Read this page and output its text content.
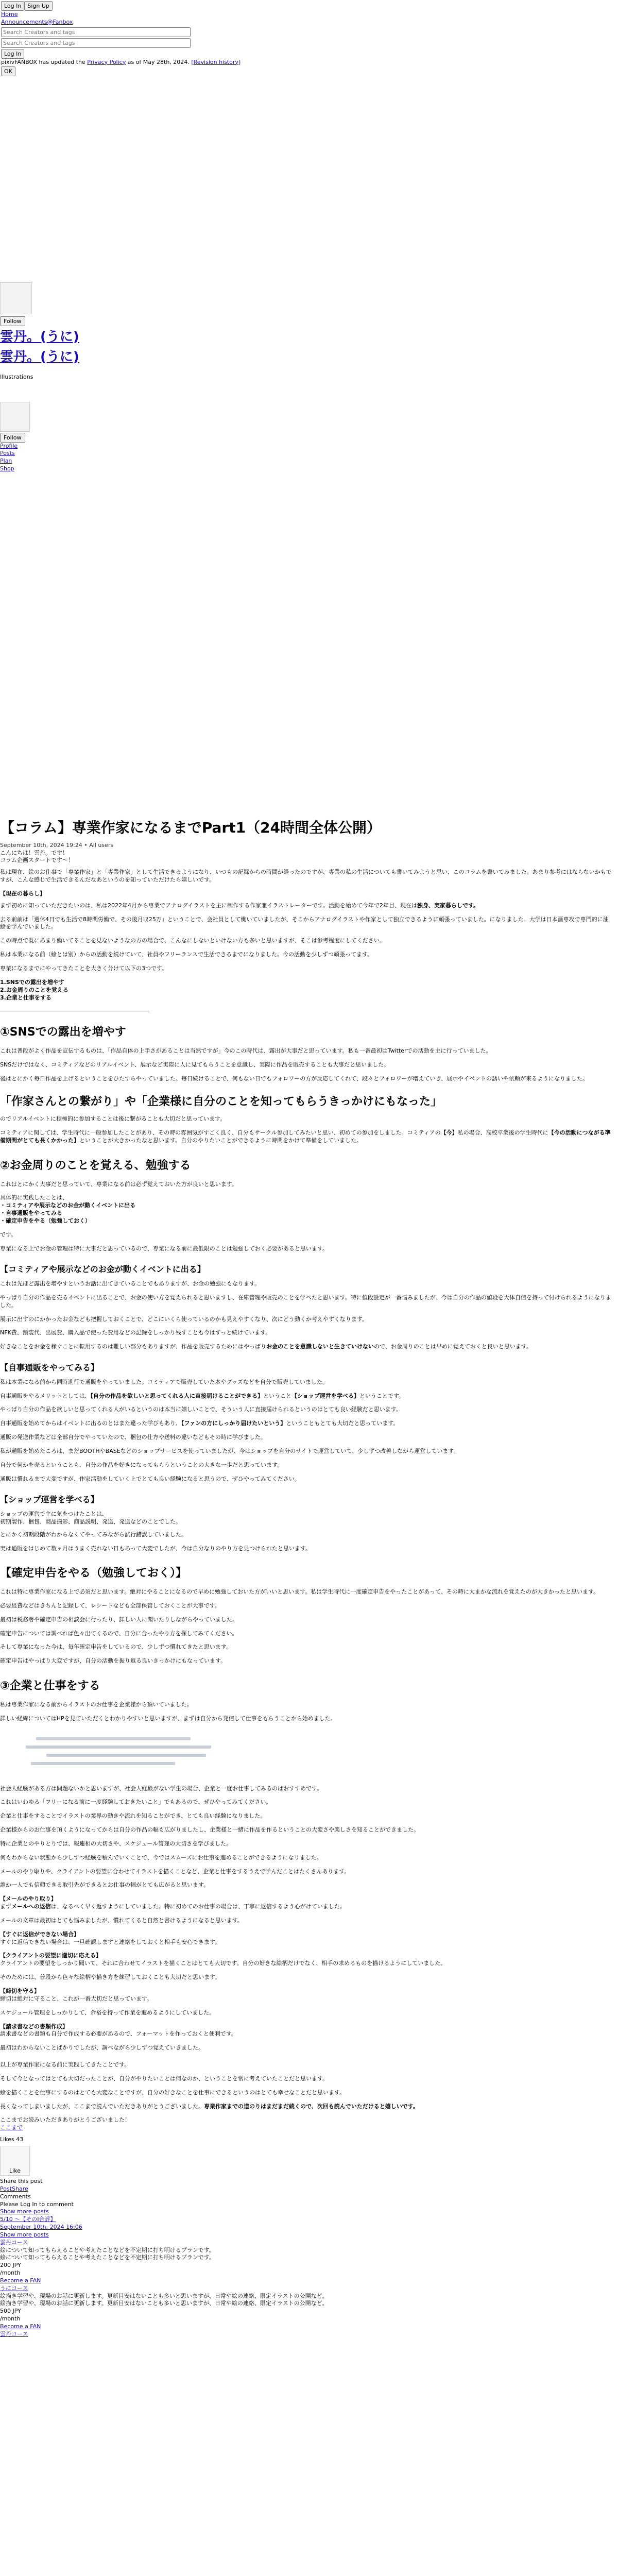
Log In Sign Up
Home
Announcements@Fanbox
Search Creators and tags
Search Creators and tags Log In
pixivFANBOX has updated the Privacy Policy as of May 28th, 2024. [Revision history]
OK
Follow
雲丹。(うに)
雲丹。(うに)
Illustrations
Follow
Profile
Posts
Plan
Shop
【コラム】専業作家になるまでPart1（24時間全体公開）
September 10th, 2024 19:24 • All users
こんにちは！雲丹。です！
コラム企画スタートです～！

私は現在、絵のお仕事で「専業作家」と「専業作家」として生活できるようになり、いつもの記録からの時間が経ったのですが、専業の私の生活についても書いてみようと思い、このコラムを書いてみました。あまり参考にはならないかもですが、こんな感じで生活できるんだなあというのを知っていただけたら嬉しいです。

【現在の暮らし】

まず初めに知っていただきたいのは、私は2022年4月から専業でアナログイラストを主に制作する作家兼イラストレーターです。活動を始めて今年で2年目、現在は独身、実家暮らしです。

去る前前は「週休4日でも生活で8時間労働で、その後月収25万」ということで、会社員として働いていましたが、そこからアナログイラストや作家として独立できるように頑張っていました。になりました。大学は日本画専攻で専門的に油絵を学んでいました。

この時点で既にあまり働いてることを見ないようなの方の場合で、こんなにしないといけない方も多いと思いますが、そこは参考程度にしてください。

私は本業になる前（絵とは別）からの活動を続けていて、社員やフリーランスで生活できるまでになりました。今の活動を少しずつ頑張ってます。

専業になるまでにやってきたことを大きく分けて以下の3つです。

1.SNSでの露出を増やす
2.お金周りのことを覚える
3.企業と仕事をする
①SNSでの露出を増やす

これは普段がよく作品を宣伝するものは、「作品自体の上手さがあることは当然ですが」今のこの時代は、露出が大事だと思っています。私も一番最初はTwitterでの活動を主に行っていました。

SNSだけではなく、コミティアなどのリアルイベント、展示など実際に人に見てもらうことを意識し、実際に作品を販売することも大事だと思いました。

後はとにかく毎日作品を上げるということをひたすらやっていました。毎日続けることで、何もない日でもフォロワーの方が反応してくれて、段々とフォロワーが増えていき、展示やイベントの誘いや依頼が来るようになりました。

「作家さんとの繋がり」や「企業様に自分のことを知ってもらうきっかけにもなった」

のでリアルイベントに積極的に参加することは後に繋がることも大切だと思っています。

コミティアに関しては、学生時代に一般参加したことがあり、その時の雰囲気がすごく良く、自分もサークル参加してみたいと思い、初めての参加をしました。コミティアの【今】私の場合、高校卒業後の学生時代に【今の活動につながる準備期間がとても長くかかった】ということが大きかったなと思います。自分のやりたいことができるように時間をかけて準備をしていました。

②お金周りのことを覚える、勉強する

これはとにかく大事だと思っていて、専業になる前は必ず覚えておいた方が良いと思います。

具体的に実践したことは、
・コミティアや展示などのお金が動くイベントに出る
・自事通販をやってみる
・確定申告をやる（勉強しておく）

です。

専業になる上でお金の管理は特に大事だと思っているので、専業になる前に最低限のことは勉強しておく必要があると思います。

【コミティアや展示などのお金が動くイベントに出る】

これは先ほど露出を増やすというお話に出てきていることでもありますが、お金の勉強にもなります。

やっぱり自分の作品を売るイベントに出ることで、お金の使い方を覚えられると思いますし、在庫管理や販売のことを学べたと思います。特に値段設定が一番悩みましたが、今は自分の作品の値段を大体自信を持って付けられるようになりました。

展示に出すのにかかったお金なども把握しておくことで、どこにいくら使っているのかも見えやすくなり、次にどう動くか考えやすくなります。

NFK費、額装代、出展費、購入品で使った費用などの記録をしっかり残すことも今はずっと続けています。

好きなことをお金を稼ぐことに転用するのは難しい部分もありますが、作品を販売するためにはやっぱりお金のことを意識しないと生きていけないので、お金周りのことは早めに覚えておくと良いと思います。

【自事通販をやってみる】

私は本業になる前から同時進行で通販をやっていました。コミティアで販売していた本やグッズなどを自分で販売していました。

自事通販をやるメリットとしては、【自分の作品を欲しいと思ってくれる人に直接届けることができる】ということ【ショップ運営を学べる】ということです。

やっぱり自分の作品を欲しいと思ってくれる人がいるというのは本当に嬉しいことで、そういう人に直接届けられるというのはとても良い経験だと思います。

自事通販を始めてからはイベントに出るのとはまた違った学びもあり、【ファンの方にしっかり届けたいという】ということもとても大切だと思っています。

通販の発送作業などは全部自分でやっていたので、梱包の仕方や送料の違いなどもその時に学びました。

私が通販を始めたころは、まだBOOTHやBASEなどのショップサービスを使っていましたが、今はショップを自分のサイトで運営していて、少しずつ改善しながら運営しています。

自分で何かを売るということも、自分の作品を好きになってもらうということの大きな一歩だと思っています。

通販は慣れるまで大変ですが、作家活動をしていく上でとても良い経験になると思うので、ぜひやってみてください。

【ショップ運営を学べる】
ショップの運営で主に気をつけたことは、
初期製作、梱包、商品撮影、商品説明、発送、発送などのことでした。

とにかく初期段階がわからなくてやってみながら試行錯誤していました。

実は通販をはじめて数ヶ月はうまく売れない日もあって大変でしたが、今は自分なりのやり方を見つけられたと思います。

【確定申告をやる（勉強しておく）】

これは特に専業作家になる上で必須だと思います。絶対にやることになるので早めに勉強しておいた方がいいと思います。私は学生時代に一度確定申告をやったことがあって、その時に大まかな流れを覚えたのが大きかったと思います。

必要経費などはきちんと記録して、レシートなども全部保管しておくことが大事です。

最初は税務署や確定申告の相談会に行ったり、詳しい人に聞いたりしながらやっていました。

確定申告については調べれば色々出てくるので、自分に合ったやり方を探してみてください。

そして専業になった今は、毎年確定申告をしているので、少しずつ慣れてきたと思います。

確定申告はやっぱり大変ですが、自分の活動を振り返る良いきっかけにもなっています。

③企業と仕事をする

私は専業作家になる前からイラストのお仕事を企業様から頂いていました。

詳しい経緯についてはHPを見ていただくとわかりやすいと思いますが、まずは自分から発信して仕事をもらうことから始めました。

社会人経験がある方は問題ないかと思いますが、社会人経験がない学生の場合、企業と一度お仕事してみるのはおすすめです。

これはいわゆる「フリーになる前に一度経験しておきたいこと」でもあるので、ぜひやってみてください。

企業と仕事をすることでイラストの業界の動きや流れを知ることができ、とても良い経験になりました。

企業様からのお仕事を頂くようになってからは自分の作品の幅も広がりましたし、企業様と一緒に作品を作るということの大変さや楽しさを知ることができました。

特に企業とのやりとりでは、報連相の大切さや、スケジュール管理の大切さを学びました。

何もわからない状態から少しずつ経験を積んでいくことで、今ではスムーズにお仕事を進めることができるようになりました。

メールのやり取りや、クライアントの要望に合わせてイラストを描くことなど、企業と仕事をするうえで学んだことはたくさんあります。

誰か一人でも信頼できる取引先ができるとお仕事の幅がとても広がると思います。

【メールのやり取り】

まずメールへの返信は、なるべく早く返すようにしていました。特に初めてのお仕事の場合は、丁寧に返信するよう心がけていました。

メールの文章は最初はとても悩みましたが、慣れてくると自然と書けるようになると思います。

【すぐに返信ができない場合】

すぐに返信できない場合は、一旦確認しますと連絡をしておくと相手も安心できます。

【クライアントの要望に適切に応える】

クライアントの要望をしっかり聞いて、それに合わせてイラストを描くことはとても大切です。自分の好きな絵柄だけでなく、相手の求めるものを描けるようにしていました。

そのためには、普段から色々な絵柄や描き方を練習しておくことも大切だと思います。

【締切を守る】

締切は絶対に守ること、これが一番大切だと思っています。

スケジュール管理をしっかりして、余裕を持って作業を進めるようにしていました。

【請求書などの書類作成】

請求書などの書類も自分で作成する必要があるので、フォーマットを作っておくと便利です。

最初はわからないことばかりでしたが、調べながら少しずつ覚えていきました。

以上が専業作家になる前に実践してきたことです。

そして今となってはとても大切だったことが、自分がやりたいことは何なのか、ということを常に考えていたことだと思います。

絵を描くことを仕事にするのはとても大変なことですが、自分の好きなことを仕事にできるというのはとても幸せなことだと思います。

長くなってしまいましたが、ここまで読んでいただきありがとうございました。専業作家までの道のりはまだまだ続くので、次回も読んでいただけると嬉しいです。

ここまでお読みいただきありがとうございました！
ここまで
Likes 43
Like
Share this post
PostShare
Comments
Please Log In to comment
Show more posts
5/10 ～【そのI合評】
September 10th, 2024 16:06
Show more posts
雲丹コース
絵について知ってもらえることや考えたことなどを不定期に打ち明けるプランです。
絵について知ってもらえることや考えたことなどを不定期に打ち明けるプランです。
200 JPY
/month
Become a FAN
うにコース
絵描き学習や、現場のお話に更新します。更新目安はないことも多いと思いますが、日常や絵の連絡、限定イラストの公開など。
絵描き学習や、現場のお話に更新します。更新目安はないことも多いと思いますが、日常や絵の連絡、限定イラストの公開など。
500 JPY
/month
Become a FAN
雲丹コース
